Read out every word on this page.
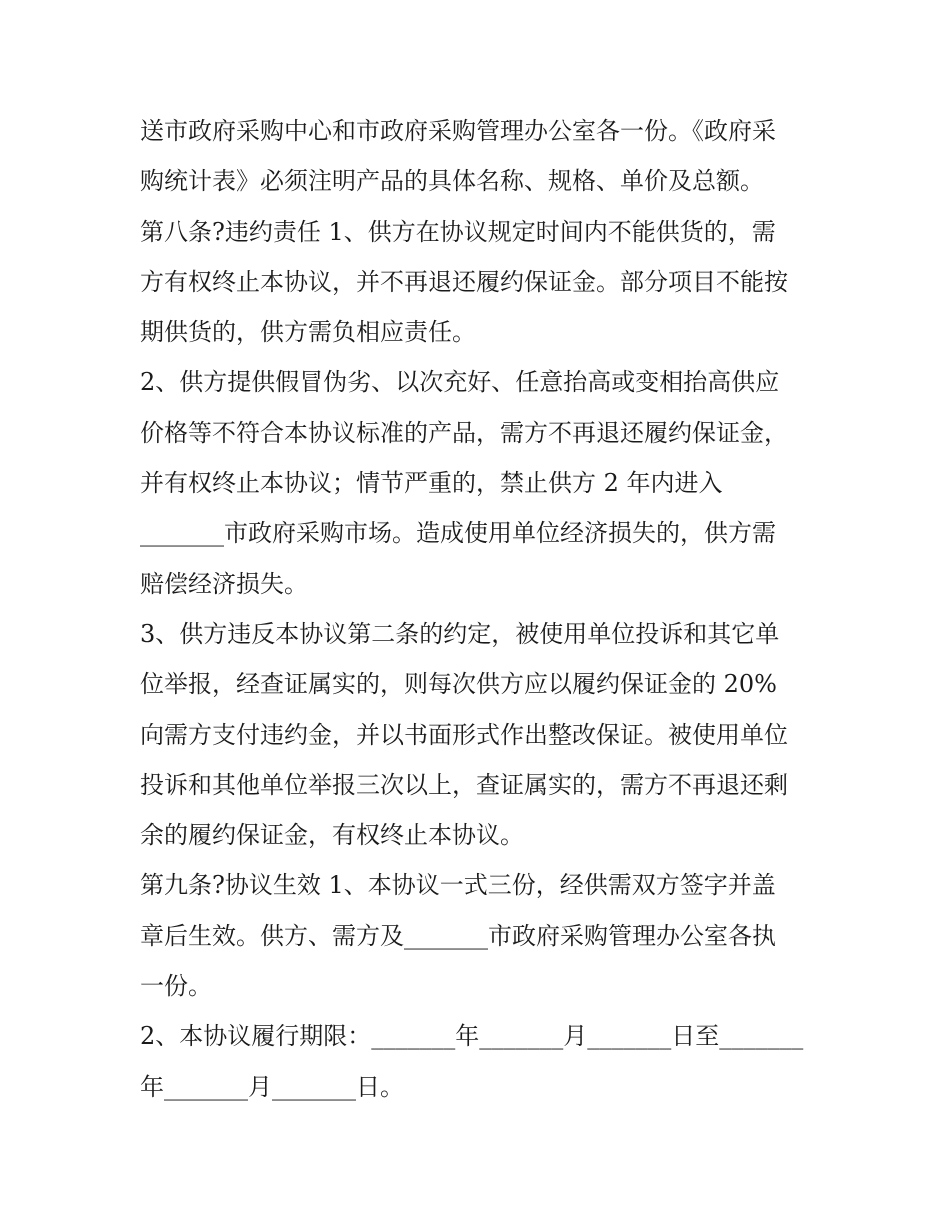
送市政府采购中心和市政府采购管理办公室各一份。《政府采
购统计表》必须注明产品的具体名称、规格、单价及总额。
第八条?违约责任 1、供方在协议规定时间内不能供货的，需
方有权终止本协议，并不再退还履约保证金。部分项目不能按
期供货的，供方需负相应责任。
2、供方提供假冒伪劣、以次充好、任意抬高或变相抬高供应
价格等不符合本协议标准的产品，需方不再退还履约保证金，
并有权终止本协议；情节严重的，禁止供方 2 年内进入
_______市政府采购市场。造成使用单位经济损失的，供方需
赔偿经济损失。
3、供方违反本协议第二条的约定，被使用单位投诉和其它单
位举报，经查证属实的，则每次供方应以履约保证金的 20%
向需方支付违约金，并以书面形式作出整改保证。被使用单位
投诉和其他单位举报三次以上，查证属实的，需方不再退还剩
余的履约保证金，有权终止本协议。
第九条?协议生效 1、本协议一式三份，经供需双方签字并盖
章后生效。供方、需方及_______市政府采购管理办公室各执
一份。
2、本协议履行期限：_______年_______月_______日至_______
年_______月_______日。
